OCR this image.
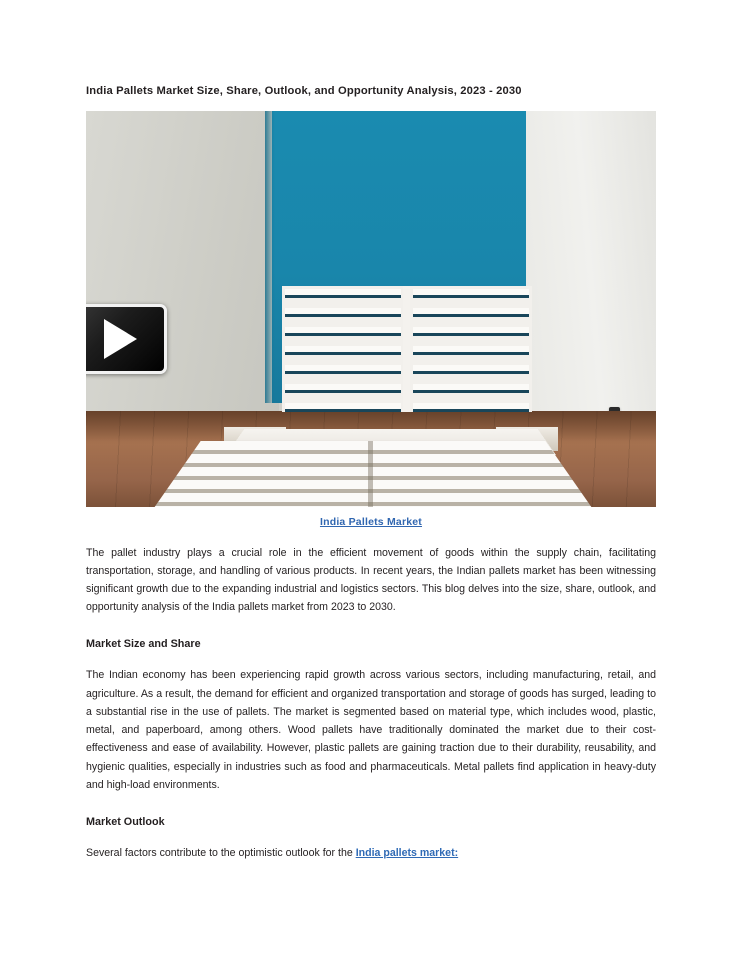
India Pallets Market Size, Share, Outlook, and Opportunity Analysis, 2023 - 2030
India Pallets Market

The pallet industry plays a crucial role in the efficient movement of goods within the supply chain, facilitating transportation, storage, and handling of various products. In recent years, the Indian pallets market has been witnessing significant growth due to the expanding industrial and logistics sectors. This blog delves into the size, share, outlook, and opportunity analysis of the India pallets market from 2023 to 2030.

Market Size and Share

The Indian economy has been experiencing rapid growth across various sectors, including manufacturing, retail, and agriculture. As a result, the demand for efficient and organized transportation and storage of goods has surged, leading to a substantial rise in the use of pallets. The market is segmented based on material type, which includes wood, plastic, metal, and paperboard, among others. Wood pallets have traditionally dominated the market due to their cost-effectiveness and ease of availability. However, plastic pallets are gaining traction due to their durability, reusability, and hygienic qualities, especially in industries such as food and pharmaceuticals. Metal pallets find application in heavy-duty and high-load environments.

Market Outlook

Several factors contribute to the optimistic outlook for the India pallets market:
